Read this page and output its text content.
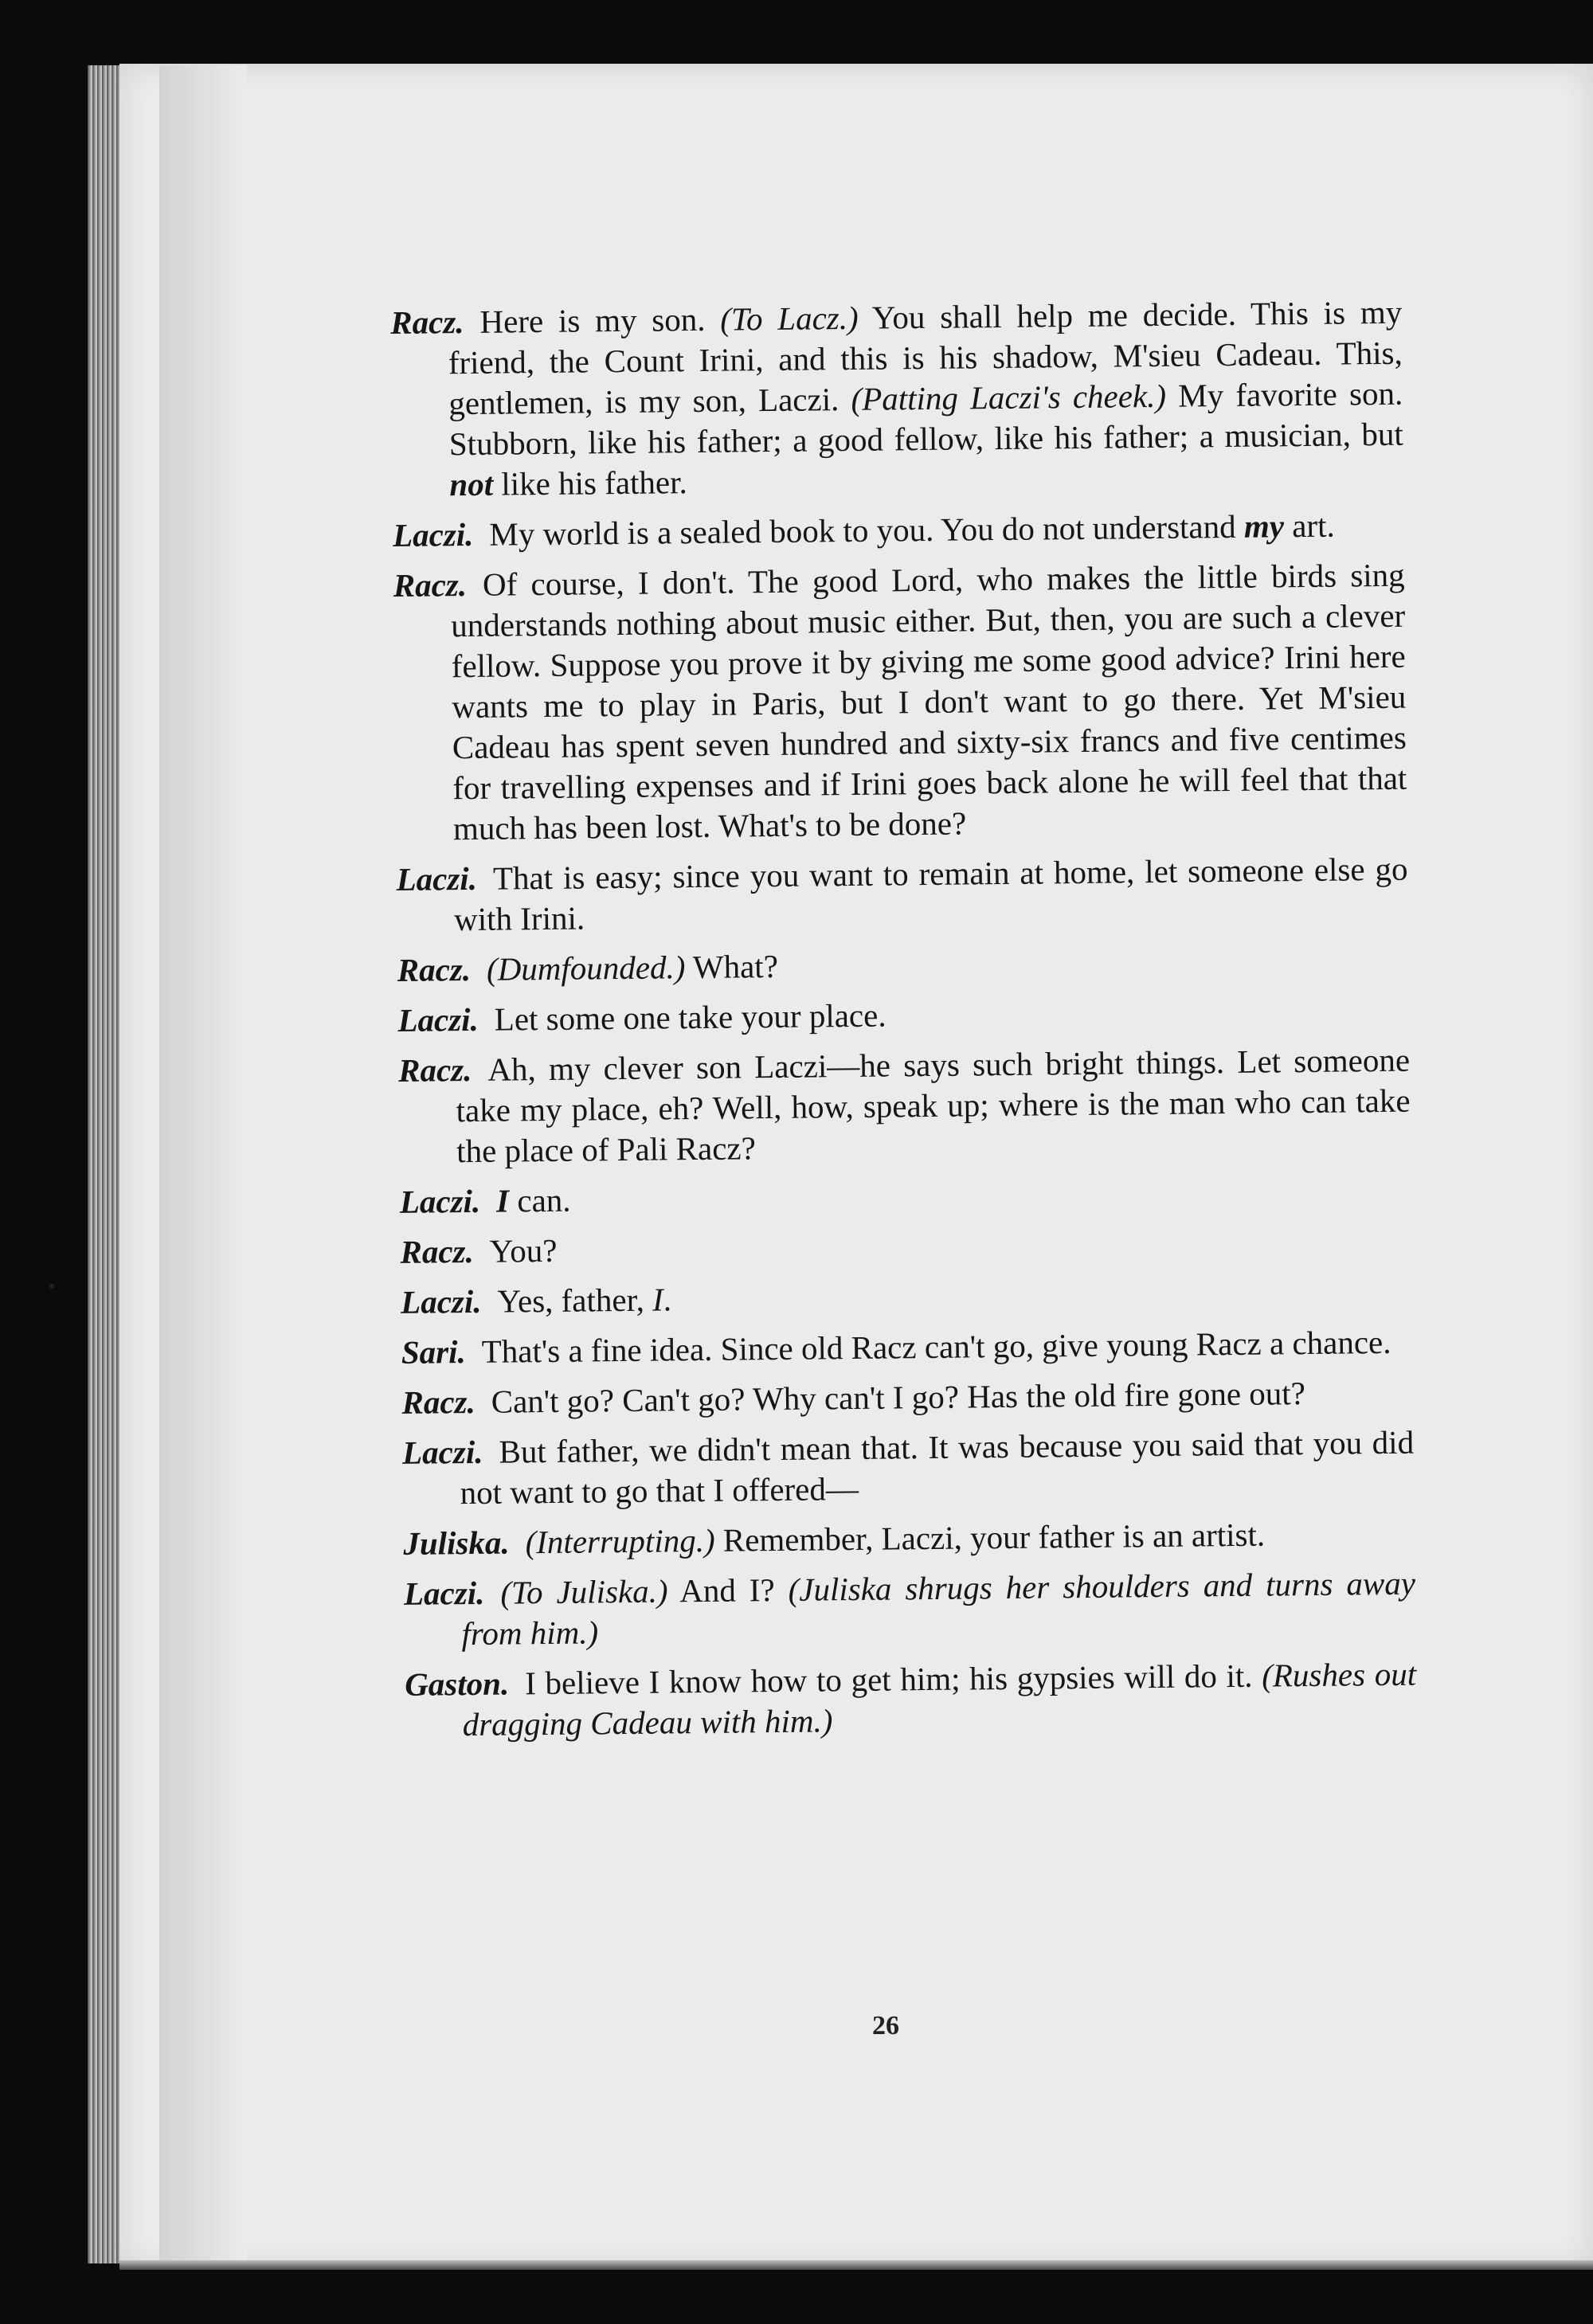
Racz. Here is my son. (To Lacz.) You shall help me decide. This is my friend, the Count Irini, and this is his shadow, M'sieu Cadeau. This, gentlemen, is my son, Laczi. (Patting Laczi's cheek.) My favorite son. Stubborn, like his father; a good fellow, like his father; a musician, but not like his father.

Laczi. My world is a sealed book to you. You do not understand my art.

Racz. Of course, I don't. The good Lord, who makes the little birds sing understands nothing about music either. But, then, you are such a clever fellow. Suppose you prove it by giving me some good advice? Irini here wants me to play in Paris, but I don't want to go there. Yet M'sieu Cadeau has spent seven hundred and sixty-six francs and five centimes for travelling expenses and if Irini goes back alone he will feel that that much has been lost. What's to be done?

Laczi. That is easy; since you want to remain at home, let someone else go with Irini.

Racz. (Dumfounded.) What?

Laczi. Let some one take your place.

Racz. Ah, my clever son Laczi—he says such bright things. Let someone take my place, eh? Well, how, speak up; where is the man who can take the place of Pali Racz?

Laczi. I can.

Racz. You?

Laczi. Yes, father, I.

Sari. That's a fine idea. Since old Racz can't go, give young Racz a chance.

Racz. Can't go? Can't go? Why can't I go? Has the old fire gone out?

Laczi. But father, we didn't mean that. It was because you said that you did not want to go that I offered—

Juliska. (Interrupting.) Remember, Laczi, your father is an artist.

Laczi. (To Juliska.) And I? (Juliska shrugs her shoulders and turns away from him.)

Gaston. I believe I know how to get him; his gypsies will do it. (Rushes out dragging Cadeau with him.)

26
